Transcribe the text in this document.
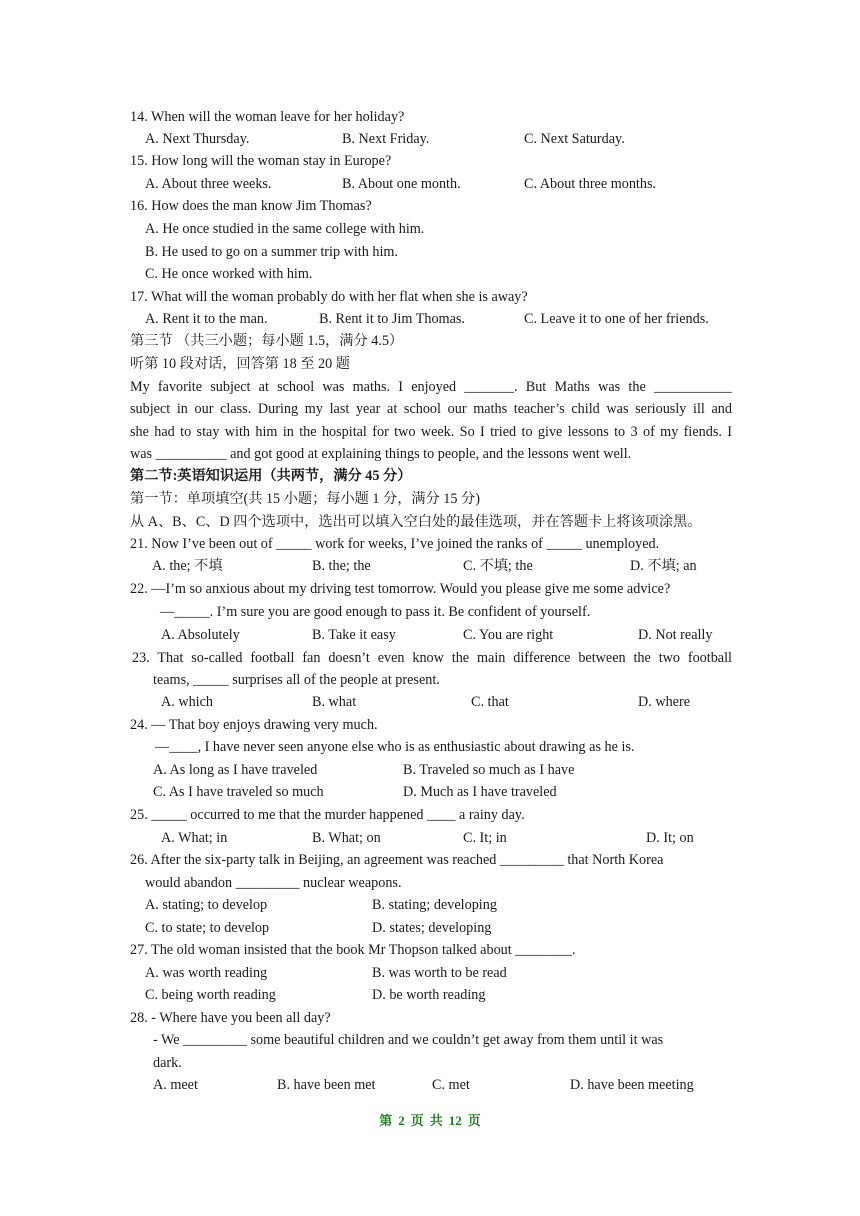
14. When will the woman leave for her holiday?
A. Next Thursday.	B. Next Friday.	C. Next Saturday.
15. How long will the woman stay in Europe?
A. About three weeks.	B. About one month.	C. About three months.
16. How does the man know Jim Thomas?
A. He once studied in the same college with him.
B. He used to go on a summer trip with him.
C. He once worked with him.
17. What will the woman probably do with her flat when she is away?
A. Rent it to the man.	B. Rent it to Jim Thomas.	C. Leave it to one of her friends.
第三节 （共三小题；每小题 1.5，满分 4.5）
听第 10 段对话，回答第 18 至 20 题
My favorite subject at school was maths. I enjoyed _______. But Maths was the ___________
subject in our class. During my last year at school our maths teacher’s child was seriously ill and
she had to stay with him in the hospital for two week. So I tried to give lessons to 3 of my fiends. I
was __________ and got good at explaining things to people, and the lessons went well.
第二节:英语知识运用（共两节，满分 45 分）
第一节：单项填空(共 15 小题；每小题 1 分，满分 15 分)
从 A、B、C、D 四个选项中，选出可以填入空白处的最佳选项，并在答题卡上将该项涂黑。
21. Now I’ve been out of _____ work for weeks, I’ve joined the ranks of _____ unemployed.
A. the; 不填	B. the; the	C. 不填; the	D. 不填; an
22. —I’m so anxious about my driving test tomorrow. Would you please give me some advice?
—_____. I’m sure you are good enough to pass it. Be confident of yourself.
A. Absolutely	B. Take it easy	C. You are right	D. Not really
23. That so-called football fan doesn’t even know the main difference between the two football
teams, _____ surprises all of the people at present.
A. which	B. what	C. that	D. where
24. — That boy enjoys drawing very much.
—____, I have never seen anyone else who is as enthusiastic about drawing as he is.
A. As long as I have traveled	B. Traveled so much as I have
C. As I have traveled so much	D. Much as I have traveled
25. _____ occurred to me that the murder happened ____ a rainy day.
A. What; in	B. What; on	C. It; in	D. It; on
26. After the six-party talk in Beijing, an agreement was reached _________ that North Korea
would abandon _________ nuclear weapons.
A. stating; to develop	B. stating; developing
C. to state; to develop	D. states; developing
27. The old woman insisted that the book Mr Thopson talked about ________.
A. was worth reading	B. was worth to be read
C. being worth reading	D. be worth reading
28. - Where have you been all day?
- We _________ some beautiful children and we couldn’t get away from them until it was
dark.
A. meet	B. have been met	C. met	D. have been meeting
第 2 页 共 12 页
